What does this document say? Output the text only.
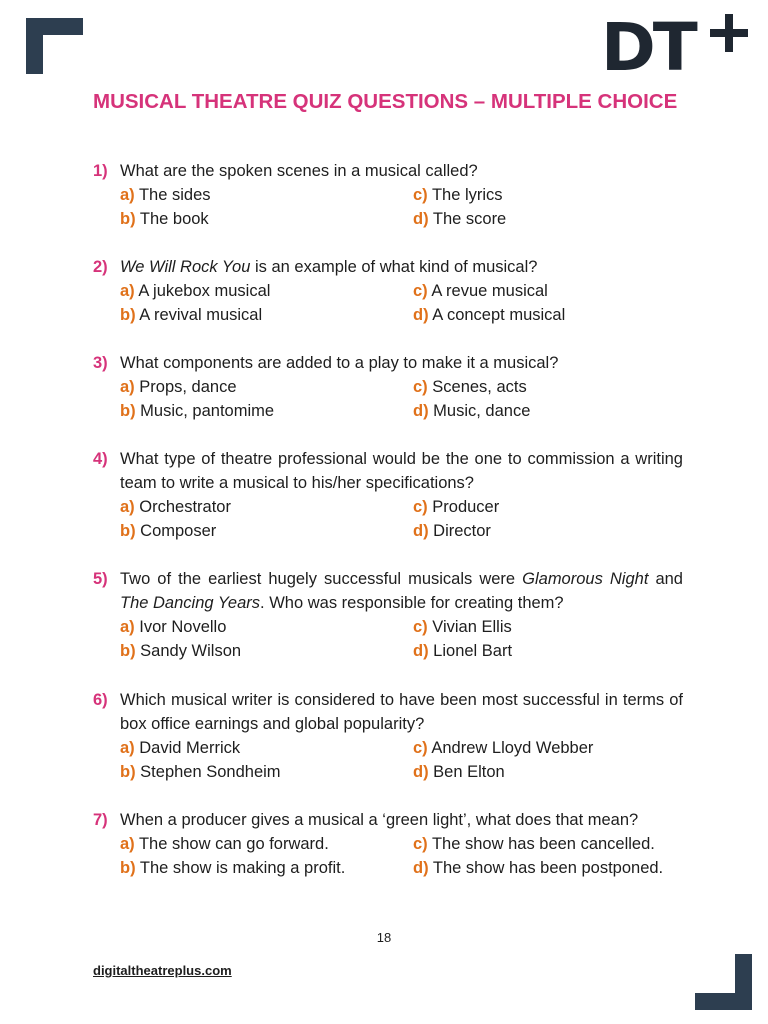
DT
MUSICAL THEATRE QUIZ QUESTIONS – MULTIPLE CHOICE
1) What are the spoken scenes in a musical called?
a) The sides
b) The book
c) The lyrics
d) The score
2) We Will Rock You is an example of what kind of musical?
a) A jukebox musical
b) A revival musical
c) A revue musical
d) A concept musical
3) What components are added to a play to make it a musical?
a) Props, dance
b) Music, pantomime
c) Scenes, acts
d) Music, dance
4) What type of theatre professional would be the one to commission a writing team to write a musical to his/her specifications?
a) Orchestrator
b) Composer
c) Producer
d) Director
5) Two of the earliest hugely successful musicals were Glamorous Night and The Dancing Years. Who was responsible for creating them?
a) Ivor Novello
b) Sandy Wilson
c) Vivian Ellis
d) Lionel Bart
6) Which musical writer is considered to have been most successful in terms of box office earnings and global popularity?
a) David Merrick
b) Stephen Sondheim
c) Andrew Lloyd Webber
d) Ben Elton
7) When a producer gives a musical a ‘green light’, what does that mean?
a) The show can go forward.
b) The show is making a profit.
c) The show has been cancelled.
d) The show has been postponed.
18
digitaltheatreplus.com
